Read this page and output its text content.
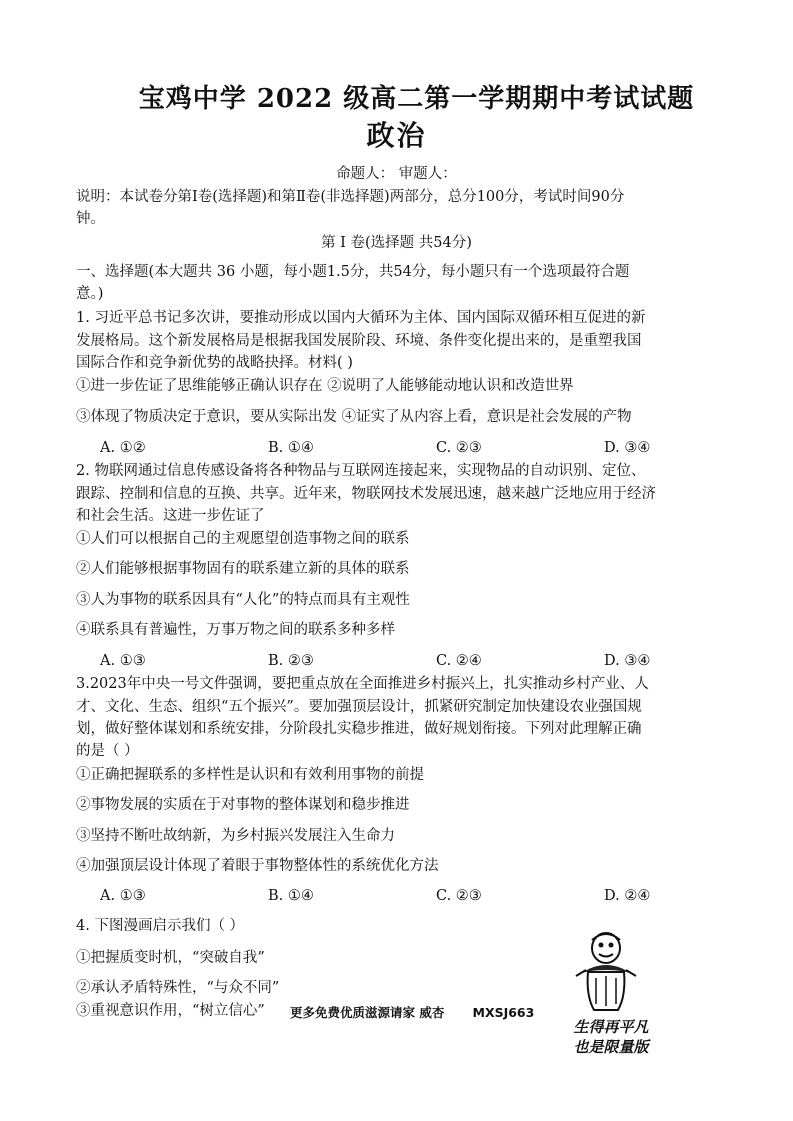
宝鸡中学 2022 级高二第一学期期中考试试题
政治
命题人： 审题人：
说明：本试卷分第Ⅰ卷(选择题)和第Ⅱ卷(非选择题)两部分，总分100分，考试时间90分
钟。
第 Ⅰ 卷(选择题 共54分)
一、选择题(本大题共 36 小题，每小题1.5分，共54分，每小题只有一个选项最符合题
意。)
1. 习近平总书记多次讲，要推动形成以国内大循环为主体、国内国际双循环相互促进的新
发展格局。这个新发展格局是根据我国发展阶段、环境、条件变化提出来的，是重塑我国
国际合作和竞争新优势的战略抉择。材料( )
①进一步佐证了思维能够正确认识存在 ②说明了人能够能动地认识和改造世界
③体现了物质决定于意识，要从实际出发 ④证实了从内容上看，意识是社会发展的产物
A. ①②	B. ①④	C. ②③	D. ③④
2. 物联网通过信息传感设备将各种物品与互联网连接起来，实现物品的自动识别、定位、
跟踪、控制和信息的互换、共享。近年来，物联网技术发展迅速，越来越广泛地应用于经济
和社会生活。这进一步佐证了
①人们可以根据自己的主观愿望创造事物之间的联系
②人们能够根据事物固有的联系建立新的具体的联系
③人为事物的联系因具有“人化”的特点而具有主观性
④联系具有普遍性，万事万物之间的联系多种多样
A. ①③	B. ②③	C. ②④	D. ③④
3.2023年中央一号文件强调，要把重点放在全面推进乡村振兴上，扎实推动乡村产业、人
才、文化、生态、组织“五个振兴”。要加强顶层设计，抓紧研究制定加快建设农业强国规
划，做好整体谋划和系统安排，分阶段扎实稳步推进，做好规划衔接。下列对此理解正确
的是（ ）
①正确把握联系的多样性是认识和有效利用事物的前提
②事物发展的实质在于对事物的整体谋划和稳步推进
③坚持不断吐故纳新，为乡村振兴发展注入生命力
④加强顶层设计体现了着眼于事物整体性的系统优化方法
A. ①③	B. ①④	C. ②③	D. ②④
4. 下图漫画启示我们（ ）
①把握质变时机，“突破自我”
②承认矛盾特殊性，“与众不同”
③重视意识作用，“树立信心” 更多免费优质滋源请家 威杏 MXSJ663
生得再平凡
也是限量版
